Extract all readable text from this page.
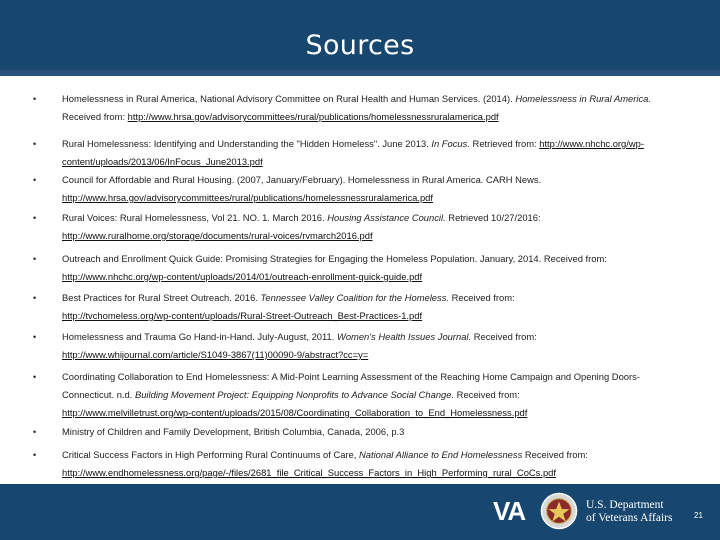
Sources
•	Homelessness in Rural America, National Advisory Committee on Rural Health and Human Services. (2014). Homelessness in Rural America. Received from: http://www.hrsa.gov/advisorycommittees/rural/publications/homelessnessruralamerica.pdf
•	Rural Homelessness: Identifying and Understanding the "Hidden Homeless". June 2013. In Focus. Retrieved from: http://www.nhchc.org/wp-content/uploads/2013/06/InFocus_June2013.pdf
•	Council for Affordable and Rural Housing. (2007, January/February). Homelessness in Rural America. CARH News.
http://www.hrsa.gov/advisorycommittees/rural/publications/homelessnessruralamerica.pdf
•	Rural Voices: Rural Homelessness, Vol 21. NO. 1. March 2016. Housing Assistance Council. Retrieved 10/27/2016:
http://www.ruralhome.org/storage/documents/rural-voices/rvmarch2016.pdf
•	Outreach and Enrollment Quick Guide: Promising Strategies for Engaging the Homeless Population. January, 2014. Received from:
http://www.nhchc.org/wp-content/uploads/2014/01/outreach-enrollment-quick-guide.pdf
•	Best Practices for Rural Street Outreach. 2016. Tennessee Valley Coalition for the Homeless. Received from:
http://tvchomeless.org/wp-content/uploads/Rural-Street-Outreach_Best-Practices-1.pdf
•	Homelessness and Trauma Go Hand-in-Hand. July-August, 2011. Women's Health Issues Journal. Received from:
http://www.whijournal.com/article/S1049-3867(11)00090-9/abstract?cc=y=
•	Coordinating Collaboration to End Homelessness: A Mid-Point Learning Assessment of the Reaching Home Campaign and Opening Doors- Connecticut. n.d. Building Movement Project: Equipping Nonprofits to Advance Social Change. Received from:
http://www.melvilletrust.org/wp-content/uploads/2015/08/Coordinating_Collaboration_to_End_Homelessness.pdf
•	Ministry of Children and Family Development, British Columbia, Canada, 2006, p.3
•	Critical Success Factors in High Performing Rural Continuums of Care, National Alliance to End Homelessness Received from:
http://www.endhomelessness.org/page/-/files/2681_file_Critical_Success_Factors_in_High_Performing_rural_CoCs.pdf
VA	U.S. Department
of Veterans Affairs	21
